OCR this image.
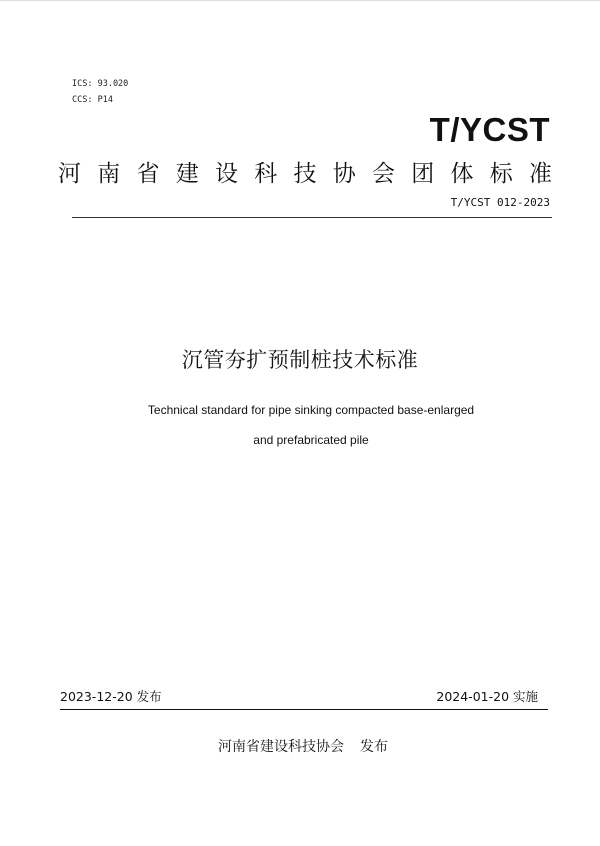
ICS: 93.020
CCS: P14
T/YCST
河 南 省 建 设 科 技 协 会 团 体 标 准
T/YCST 012-2023
沉管夯扩预制桩技术标准
Technical standard for pipe sinking compacted base-enlarged
and prefabricated pile
2023-12-20 发布	2024-01-20 实施
河南省建设科技协会 发布
